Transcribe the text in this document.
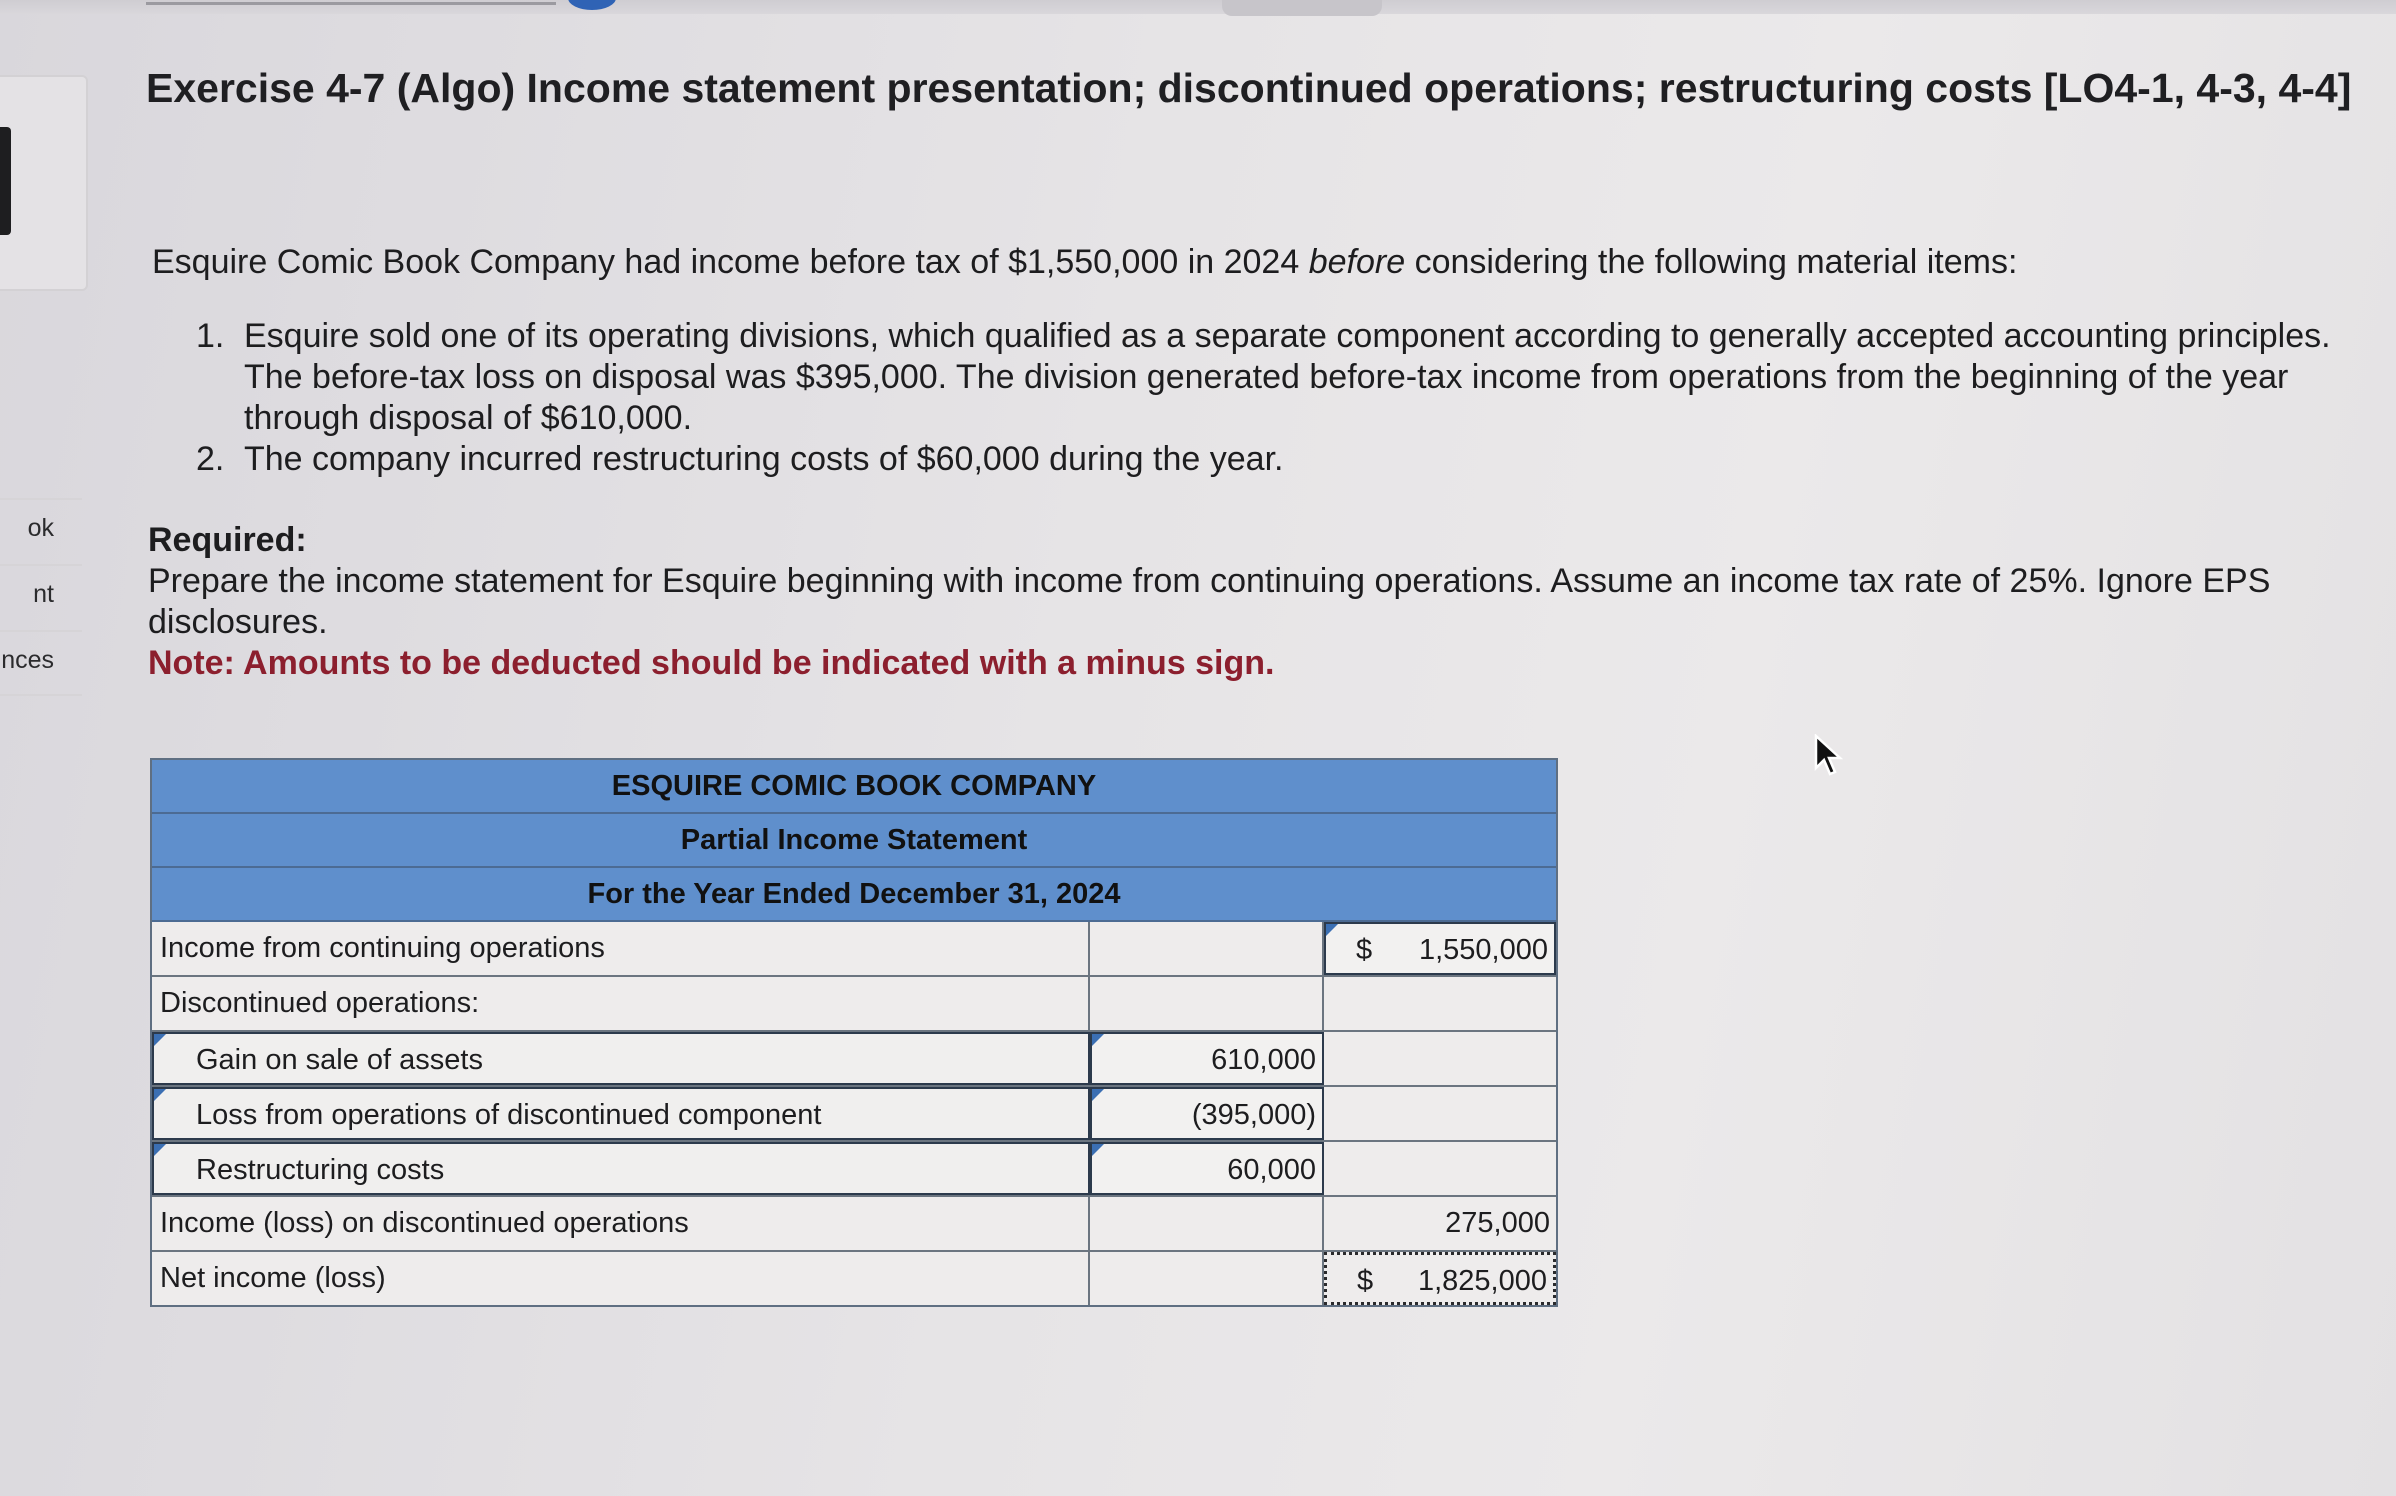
ok
nt
nces
Exercise 4-7 (Algo) Income statement presentation; discontinued operations; restructuring costs [LO4-1, 4-3, 4-4]
Esquire Comic Book Company had income before tax of $1,550,000 in 2024 before considering the following material items:
1. Esquire sold one of its operating divisions, which qualified as a separate component according to generally accepted accounting principles. The before-tax loss on disposal was $395,000. The division generated before-tax income from operations from the beginning of the year through disposal of $610,000.
2. The company incurred restructuring costs of $60,000 during the year.
Required:
Prepare the income statement for Esquire beginning with income from continuing operations. Assume an income tax rate of 25%. Ignore EPS disclosures.
Note: Amounts to be deducted should be indicated with a minus sign.
ESQUIRE COMIC BOOK COMPANY
Partial Income Statement
For the Year Ended December 31, 2024
Income from continuing operations	$ 1,550,000
Discontinued operations:
Gain on sale of assets	610,000
Loss from operations of discontinued component	(395,000)
Restructuring costs	60,000
Income (loss) on discontinued operations	275,000
Net income (loss)	$ 1,825,000
